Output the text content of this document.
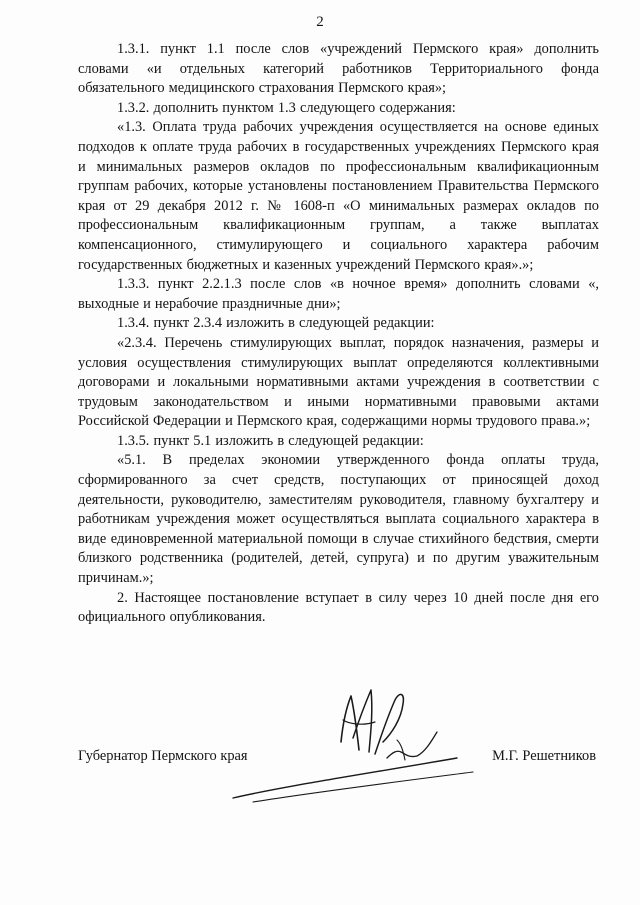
2

1.3.1. пункт 1.1 после слов «учреждений Пермского края» дополнить словами «и отдельных категорий работников Территориального фонда обязательного медицинского страхования Пермского края»;

1.3.2. дополнить пунктом 1.3 следующего содержания:

«1.3. Оплата труда рабочих учреждения осуществляется на основе единых подходов к оплате труда рабочих в государственных учреждениях Пермского края и минимальных размеров окладов по профессиональным квалификационным группам рабочих, которые установлены постановлением Правительства Пермского края от 29 декабря 2012 г. № 1608-п «О минимальных размерах окладов по профессиональным квалификационным группам, а также выплатах компенсационного, стимулирующего и социального характера рабочим государственных бюджетных и казенных учреждений Пермского края».»;

1.3.3. пункт 2.2.1.3 после слов «в ночное время» дополнить словами «, выходные и нерабочие праздничные дни»;

1.3.4. пункт 2.3.4 изложить в следующей редакции:

«2.3.4. Перечень стимулирующих выплат, порядок назначения, размеры и условия осуществления стимулирующих выплат определяются коллективными договорами и локальными нормативными актами учреждения в соответствии с трудовым законодательством и иными нормативными правовыми актами Российской Федерации и Пермского края, содержащими нормы трудового права.»;

1.3.5. пункт 5.1 изложить в следующей редакции:

«5.1. В пределах экономии утвержденного фонда оплаты труда, сформированного за счет средств, поступающих от приносящей доход деятельности, руководителю, заместителям руководителя, главному бухгалтеру и работникам учреждения может осуществляться выплата социального характера в виде единовременной материальной помощи в случае стихийного бедствия, смерти близкого родственника (родителей, детей, супруга) и по другим уважительным причинам.»;

2. Настоящее постановление вступает в силу через 10 дней после дня его официального опубликования.

Губернатор Пермского края	М.Г. Решетников
